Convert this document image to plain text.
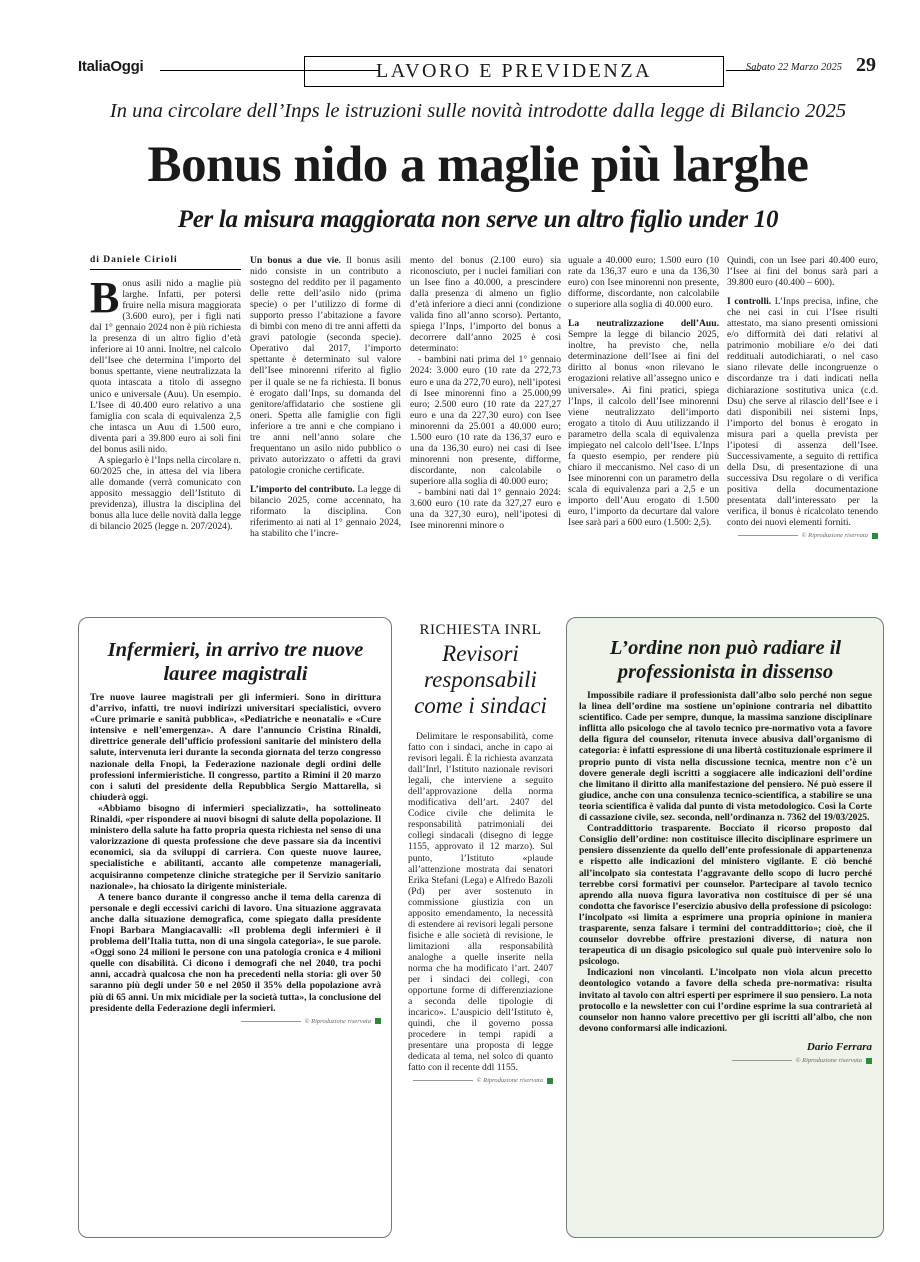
ItaliaOggi	LAVORO E PREVIDENZA	Sabato 22 Marzo 2025 29
In una circolare dell’Inps le istruzioni sulle novità introdotte dalla legge di Bilancio 2025
Bonus nido a maglie più larghe
Per la misura maggiorata non serve un altro figlio under 10
di Daniele Cirioli

Bonus asili nido a maglie più larghe. Infatti, per potersi fruire nella misura maggiorata (3.600 euro), per i figli nati dal 1° gennaio 2024 non è più richiesta la presenza di un altro figlio d’età inferiore ai 10 anni. Inoltre, nel calcolo dell’Isee che determina l’importo del bonus spettante, viene neutralizzata la quota intascata a titolo di assegno unico e universale (Auu). Un esempio. L’Isee di 40.400 euro relativo a una famiglia con scala di equivalenza 2,5 che intasca un Auu di 1.500 euro, diventa pari a 39.800 euro ai soli fini del bonus asili nido.

A spiegarlo è l’Inps nella circolare n. 60/2025 che, in attesa del via libera alle domande (verrà comunicato con apposito messaggio dell’Istituto di previdenza), illustra la disciplina del bonus alla luce delle novità dalla legge di bilancio 2025 (legge n. 207/2024).

Un bonus a due vie. Il bonus asili nido consiste in un contributo a sostegno del reddito per il pagamento delle rette dell’asilo nido (prima specie) o per l’utilizzo di forme di supporto presso l’abitazione a favore di bimbi con meno di tre anni affetti da gravi patologie (seconda specie). Operativo dal 2017, l’importo spettante è determinato sul valore dell’Isee minorenni riferito al figlio per il quale se ne fa richiesta. Il bonus è erogato dall’Inps, su domanda del genitore/affidatario che sostiene gli oneri. Spetta alle famiglie con figli inferiore a tre anni e che compiano i tre anni nell’anno solare che frequentano un asilo nido pubblico o privato autorizzato o affetti da gravi patologie croniche certificate.

L’importo del contributo. La legge di bilancio 2025, come accennato, ha riformato la disciplina. Con riferimento ai nati al 1° gennaio 2024, ha stabilito che l’incre-

mento del bonus (2.100 euro) sia riconosciuto, per i nuclei familiari con un Isee fino a 40.000, a prescindere dalla presenza di almeno un figlio d’età inferiore a dieci anni (condizione valida fino all’anno scorso). Pertanto, spiega l’Inps, l’importo del bonus a decorrere dall’anno 2025 è così determinato:

- bambini nati prima del 1° gennaio 2024: 3.000 euro (10 rate da 272,73 euro e una da 272,70 euro), nell’ipotesi di Isee minorenni fino a 25.000,99 euro; 2.500 euro (10 rate da 227,27 euro e una da 227,30 euro) con Isee minorenni da 25.001 a 40.000 euro; 1.500 euro (10 rate da 136,37 euro e una da 136,30 euro) nei casi di Isee minorenni non presente, difforme, discordante, non calcolabile o superiore alla soglia di 40.000 euro;

- bambini nati dal 1° gennaio 2024: 3.600 euro (10 rate da 327,27 euro e una da 327,30 euro), nell’ipotesi di Isee minorenni minore o

uguale a 40.000 euro; 1.500 euro (10 rate da 136,37 euro e una da 136,30 euro) con Isee minorenni non presente, difforme, discordante, non calcolabile o superiore alla soglia di 40.000 euro.

La neutralizzazione dell’Auu. Sempre la legge di bilancio 2025, inoltre, ha previsto che, nella determinazione dell’Isee ai fini del diritto al bonus «non rilevano le erogazioni relative all’assegno unico e universale». Ai fini pratici, spiega l’Inps, il calcolo dell’Isee minorenni viene neutralizzato dell’importo erogato a titolo di Auu utilizzando il parametro della scala di equivalenza impiegato nel calcolo dell’Isee. L’Inps fa questo esempio, per rendere più chiaro il meccanismo. Nel caso di un Isee minorenni con un parametro della scala di equivalenza pari a 2,5 e un importo dell’Auu erogato di 1.500 euro, l’importo da decurtare dal valore Isee sarà pari a 600 euro (1.500: 2,5).

Quindi, con un Isee pari 40.400 euro, l’Isee ai fini del bonus sarà pari a 39.800 euro (40.400 – 600).

I controlli. L’Inps precisa, infine, che che nei casi in cui l’Isee risulti attestato, ma siano presenti omissioni e/o difformità dei dati relativi al patrimonio mobiliare e/o dei dati reddituali autodichiarati, o nel caso siano rilevate delle incongruenze o discordanze tra i dati indicati nella dichiarazione sostitutiva unica (c.d. Dsu) che serve al rilascio dell’Isee e i dati disponibili nei sistemi Inps, l’importo del bonus è erogato in misura pari a quella prevista per l’ipotesi di assenza dell’Isee. Successivamente, a seguito di rettifica della Dsu, di presentazione di una successiva Dsu regolare o di verifica positiva della documentazione presentata dall’interessato per la verifica, il bonus è ricalcolato tenendo conto dei nuovi elementi forniti.

© Riproduzione riservata
Infermieri, in arrivo tre nuove lauree magistrali

Tre nuove lauree magistrali per gli infermieri. Sono in dirittura d’arrivo, infatti, tre nuovi indirizzi universitari specialistici, ovvero «Cure primarie e sanità pubblica», «Pediatriche e neonatali» e «Cure intensive e nell’emergenza». A dare l’annuncio Cristina Rinaldi, direttrice generale dell’ufficio professioni sanitarie del ministero della salute, intervenuta ieri durante la seconda giornata del terzo congresso nazionale della Fnopi, la Federazione nazionale degli ordini delle professioni infermieristiche. Il congresso, partito a Rimini il 20 marzo con i saluti del presidente della Repubblica Sergio Mattarella, si chiuderà oggi.

«Abbiamo bisogno di infermieri specializzati», ha sottolineato Rinaldi, «per rispondere ai nuovi bisogni di salute della popolazione. Il ministero della salute ha fatto propria questa richiesta nel senso di una valorizzazione di questa professione che deve passare sia da incentivi economici, sia da sviluppi di carriera. Con queste nuove lauree, specialistiche e abilitanti, accanto alle competenze manageriali, acquisiranno competenze cliniche strategiche per il Servizio sanitario nazionale», ha chiosato la dirigente ministeriale.

A tenere banco durante il congresso anche il tema della carenza di personale e degli eccessivi carichi di lavoro. Una situazione aggravata anche dalla situazione demografica, come spiegato dalla presidente Fnopi Barbara Mangiacavalli: «Il problema degli infermieri è il problema dell’Italia tutta, non di una singola categoria», le sue parole. «Oggi sono 24 milioni le persone con una patologia cronica e 4 milioni quelle con disabilità. Ci dicono i demografi che nel 2040, tra pochi anni, accadrà qualcosa che non ha precedenti nella storia: gli over 50 saranno più degli under 50 e nel 2050 il 35% della popolazione avrà più di 65 anni. Un mix micidiale per la società tutta», la conclusione del presidente della Federazione degli infermieri.

© Riproduzione riservata
RICHIESTA INRL
Revisori responsabili come i sindaci

Delimitare le responsabilità, come fatto con i sindaci, anche in capo ai revisori legali. È la richiesta avanzata dall’Inrl, l’Istituto nazionale revisori legali, che interviene a seguito dell’approvazione della norma modificativa dell’art. 2407 del Codice civile che delimita le responsabilità patrimoniali dei collegi sindacali (disegno di legge 1155, approvato il 12 marzo). Sul punto, l’Istituto «plaude all’attenzione mostrata dai senatori Erika Stefani (Lega) e Alfredo Bazoli (Pd) per aver sostenuto in commissione giustizia con un apposito emendamento, la necessità di estendere ai revisori legali persone fisiche e alle società di revisione, le limitazioni alla responsabilità analoghe a quelle inserite nella norma che ha modificato l’art. 2407 per i sindaci dei collegi, con opportune forme di differenziazione a seconda delle tipologie di incarico». L’auspicio dell’Istituto è, quindi, che il governo possa procedere in tempi rapidi a presentare una proposta di legge dedicata al tema, nel solco di quanto fatto con il recente ddl 1155.

© Riproduzione riservata
L’ordine non può radiare il professionista in dissenso

Impossibile radiare il professionista dall’albo solo perché non segue la linea dell’ordine ma sostiene un’opinione contraria nel dibattito scientifico. Cade per sempre, dunque, la massima sanzione disciplinare inflitta allo psicologo che al tavolo tecnico pre-normativo vota a favore della figura del counselor, ritenuta invece abusiva dall’organismo di categoria: è infatti espressione di una libertà costituzionale esprimere il proprio punto di vista nella discussione tecnica, mentre non c’è un dovere generale degli iscritti a soggiacere alle indicazioni dell’ordine che limitano il diritto alla manifestazione del pensiero. Né può essere il giudice, anche con una consulenza tecnico-scientifica, a stabilire se una teoria scientifica è valida dal punto di vista metodologico. Così la Corte di cassazione civile, sez. seconda, nell’ordinanza n. 7362 del 19/03/2025.

Contraddittorio trasparente. Bocciato il ricorso proposto dal Consiglio dell’ordine: non costituisce illecito disciplinare esprimere un pensiero dissenziente da quello dell’ente professionale di appartenenza e rispetto alle indicazioni del ministero vigilante. E ciò benché all’incolpato sia contestata l’aggravante dello scopo di lucro perché terrebbe corsi formativi per counselor. Partecipare al tavolo tecnico aprendo alla nuova figura lavorativa non costituisce di per sé una condotta che favorisce l’esercizio abusivo della professione di psicologo: l’incolpato «si limita a esprimere una propria opinione in maniera trasparente, senza falsare i termini del contraddittorio»; cioè, che il counselor dovrebbe offrire prestazioni diverse, di natura non terapeutica di un disagio psicologico sul quale può intervenire solo lo psicologo.

Indicazioni non vincolanti. L’incolpato non viola alcun precetto deontologico votando a favore della scheda pre-normativa: risulta invitato al tavolo con altri esperti per esprimere il suo pensiero. La nota protocollo e la newsletter con cui l’ordine esprime la sua contrarietà al counselor non hanno valore precettivo per gli iscritti all’albo, che non devono conformarsi alle indicazioni.

Dario Ferrara
© Riproduzione riservata
